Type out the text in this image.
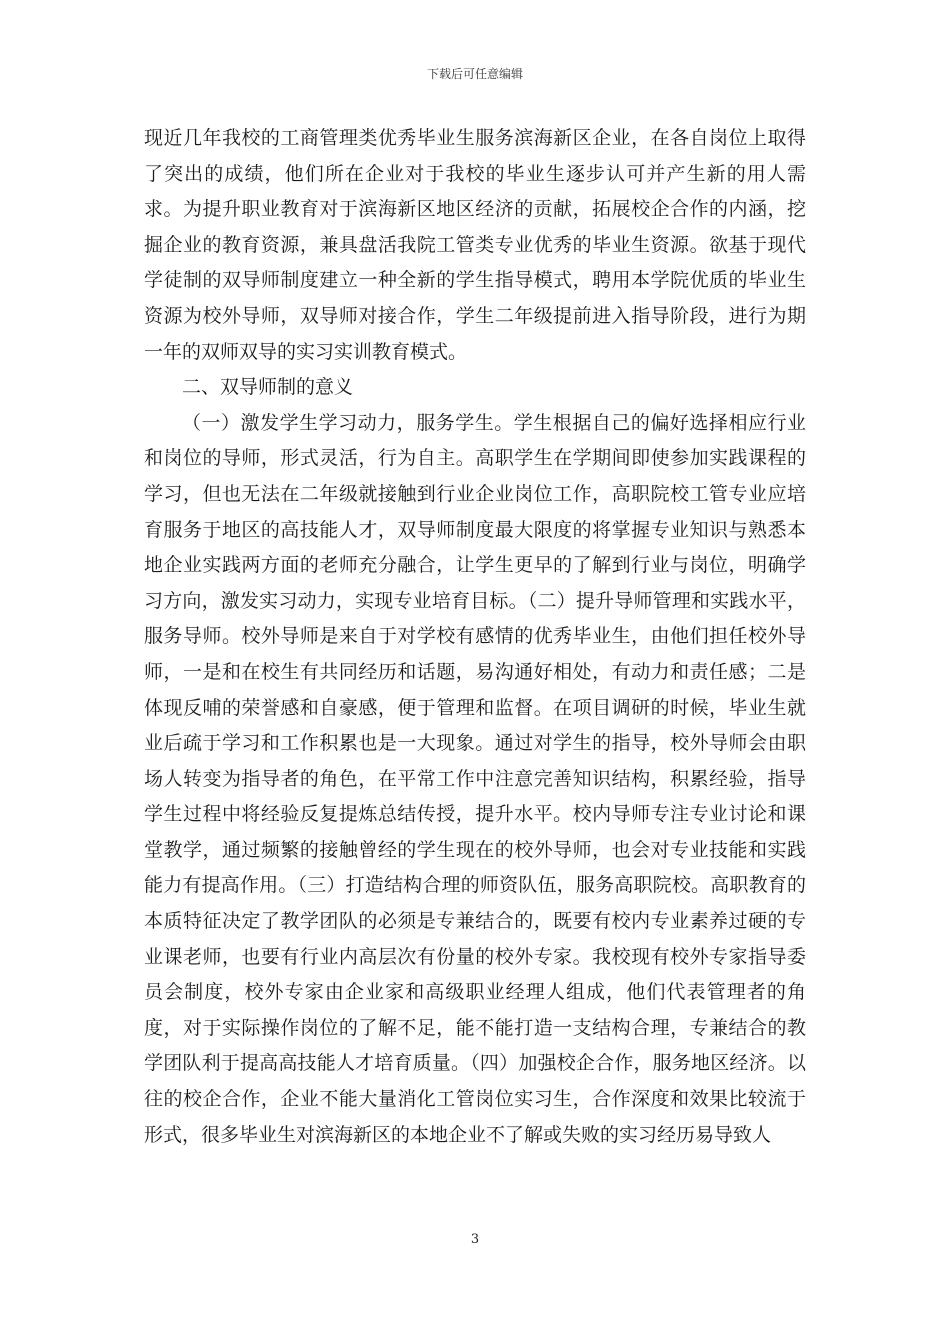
下载后可任意编辑

现近几年我校的工商管理类优秀毕业生服务滨海新区企业，在各自岗位上取得了突出的成绩，他们所在企业对于我校的毕业生逐步认可并产生新的用人需求。为提升职业教育对于滨海新区地区经济的贡献，拓展校企合作的内涵，挖掘企业的教育资源，兼具盘活我院工管类专业优秀的毕业生资源。欲基于现代学徒制的双导师制度建立一种全新的学生指导模式，聘用本学院优质的毕业生资源为校外导师，双导师对接合作，学生二年级提前进入指导阶段，进行为期一年的双师双导的实习实训教育模式。

二、双导师制的意义

（一）激发学生学习动力，服务学生。学生根据自己的偏好选择相应行业和岗位的导师，形式灵活，行为自主。高职学生在学期间即使参加实践课程的学习，但也无法在二年级就接触到行业企业岗位工作，高职院校工管专业应培育服务于地区的高技能人才，双导师制度最大限度的将掌握专业知识与熟悉本地企业实践两方面的老师充分融合，让学生更早的了解到行业与岗位，明确学习方向，激发实习动力，实现专业培育目标。（二）提升导师管理和实践水平，服务导师。校外导师是来自于对学校有感情的优秀毕业生，由他们担任校外导师，一是和在校生有共同经历和话题，易沟通好相处，有动力和责任感；二是体现反哺的荣誉感和自豪感，便于管理和监督。在项目调研的时候，毕业生就业后疏于学习和工作积累也是一大现象。通过对学生的指导，校外导师会由职场人转变为指导者的角色，在平常工作中注意完善知识结构，积累经验，指导学生过程中将经验反复提炼总结传授，提升水平。校内导师专注专业讨论和课堂教学，通过频繁的接触曾经的学生现在的校外导师，也会对专业技能和实践能力有提高作用。（三）打造结构合理的师资队伍，服务高职院校。高职教育的本质特征决定了教学团队的必须是专兼结合的，既要有校内专业素养过硬的专业课老师，也要有行业内高层次有份量的校外专家。我校现有校外专家指导委员会制度，校外专家由企业家和高级职业经理人组成，他们代表管理者的角度，对于实际操作岗位的了解不足，能不能打造一支结构合理，专兼结合的教学团队利于提高高技能人才培育质量。（四）加强校企合作，服务地区经济。以往的校企合作，企业不能大量消化工管岗位实习生，合作深度和效果比较流于形式，很多毕业生对滨海新区的本地企业不了解或失败的实习经历易导致人

3
